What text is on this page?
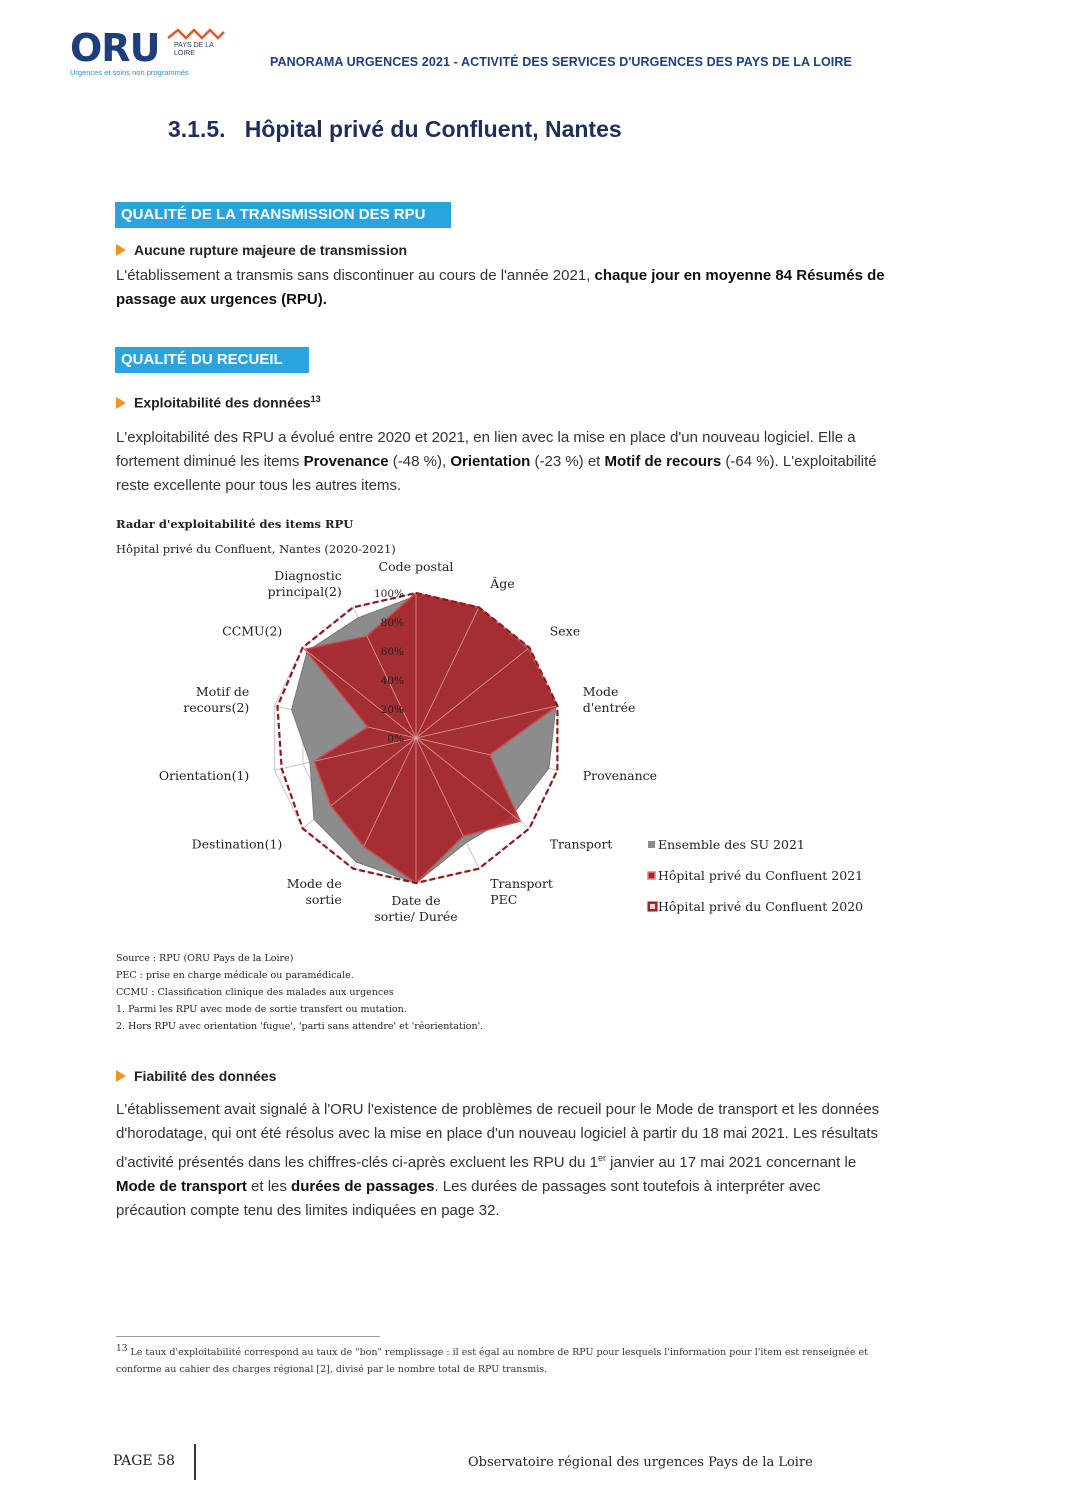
ORU PAYS DE LA LOIRE
Urgences et soins non programmés
PANORAMA URGENCES 2021 - ACTIVITÉ DES SERVICES D'URGENCES DES PAYS DE LA LOIRE
3.1.5.   Hôpital privé du Confluent, Nantes
QUALITÉ DE LA TRANSMISSION DES RPU
Aucune rupture majeure de transmission
L'établissement a transmis sans discontinuer au cours de l'année 2021, chaque jour en moyenne 84 Résumés de passage aux urgences (RPU).
QUALITÉ DU RECUEIL
Exploitabilité des données$^{13}$
L'exploitabilité des RPU a évolué entre 2020 et 2021, en lien avec la mise en place d'un nouveau logiciel. Elle a fortement diminué les items Provenance (-48 %), Orientation (-23 %) et Motif de recours (-64 %). L'exploitabilité reste excellente pour tous les autres items.
Radar d'exploitabilité des items RPU
Hôpital privé du Confluent, Nantes (2020-2021)
0%
20%
40%
60%
80%
100%
Code postal
Âge
Sexe
Mode d'entrée
Provenance
Transport
Transport PEC
Date de sortie/ Durée
Mode de sortie
Destination(1)
Orientation(1)
Motif de recours(2)
CCMU(2)
Diagnostic principal(2)
Ensemble des SU 2021
Hôpital privé du Confluent 2021
Hôpital privé du Confluent 2020
Source : RPU (ORU Pays de la Loire)
PEC : prise en charge médicale ou paramédicale.
CCMU : Classification clinique des malades aux urgences
1. Parmi les RPU avec mode de sortie transfert ou mutation.
2. Hors RPU avec orientation 'fugue', 'parti sans attendre' et 'réorientation'.
Fiabilité des données
L'établissement avait signalé à l'ORU l'existence de problèmes de recueil pour le Mode de transport et les données d'horodatage, qui ont été résolus avec la mise en place d'un nouveau logiciel à partir du 18 mai 2021. Les résultats d'activité présentés dans les chiffres-clés ci-après excluent les RPU du 1er janvier au 17 mai 2021 concernant le Mode de transport et les durées de passages. Les durées de passages sont toutefois à interpréter avec précaution compte tenu des limites indiquées en page 32.
$^{13}$ Le taux d'exploitabilité correspond au taux de "bon" remplissage : il est égal au nombre de RPU pour lesquels l'information pour l'item est renseignée et conforme au cahier des charges régional [2], divisé par le nombre total de RPU transmis.
PAGE 58	Observatoire régional des urgences Pays de la Loire
